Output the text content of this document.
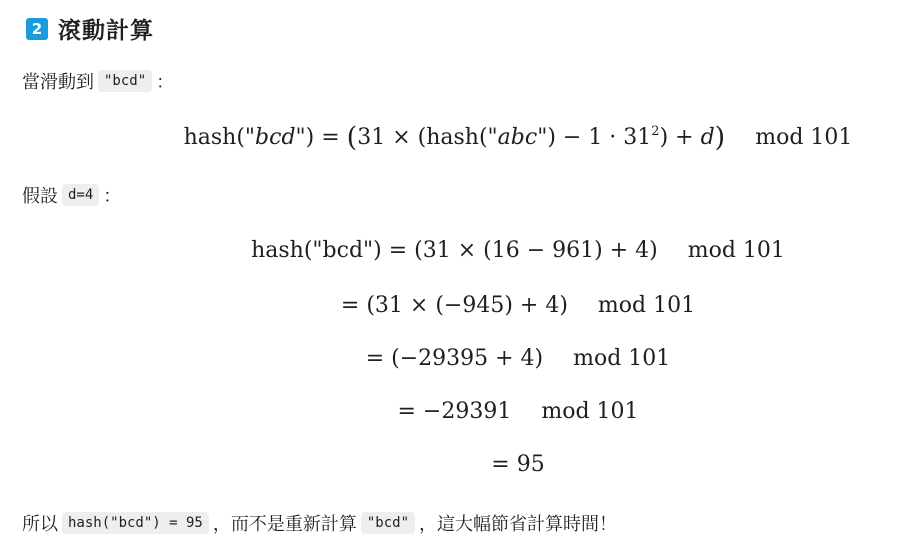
2 滾動計算
當滑動到 "bcd" ：
hash("bcd") = (31 × (hash("abc") − $1 \cdot 31^2) + d$) mod 101
假設 d=4 ：
hash("bcd") = (31 × (16 − 961) + 4) mod 101
= (31 × (−945) + 4) mod 101
= (−29395 + 4) mod 101
= −29391 mod 101
= 95
所以 hash("bcd") = 95 ，而不是重新計算 "bcd" ，這大幅節省計算時間！
